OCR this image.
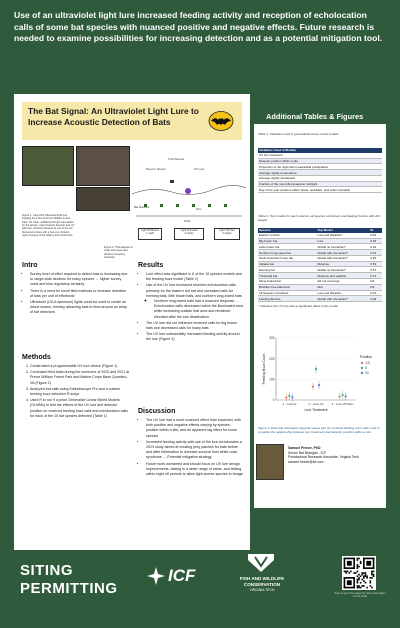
Use of an ultraviolet light lure increased feeding activity and reception of echolocation calls of some bat species with nuanced positive and negative effects. Future research is needed to examine possibilities for increasing detection and as a potential mitigation tool.
The Bat Signal: An Ultraviolet Light Lure to Increase Acoustic Detection of Bats
Figure 1. Clay-loft's Ultraviolet light lure hanging from box at Prince William Forest Park, VA. Note, additional IR light was added for the picture. (top) Acoustic detector and UV light lure. (bottom) Closeup of one of the UV fluorescent tubes with a bat vent. (bottom right) Closeup of the battery and control box.
Trail Camera
Reed or Stream	UV Lure
Bat Detector	10m
100m
Light Off Before
1 night
Light Activated
2 nights
Light Off After
2 nights
Figure 2. Trial diagram of study site layout and (bottom) sampling schedule.
Intro
• Survey level of effort required to detect bats is increasing due to range-wide declines for many species → higher survey costs and less regulatory certainty
• There is a need for novel field methods to increase detection of bats per unit of effort/cost
• Ultraviolet (UV-A spectrum) lights could be used to create an insect swarm, thereby attracting bats to feed around an array of bat detectors
Methods
1. Constructed a programmable UV lure device (Figure 1)
2. Conducted field trials during the summers of 2020 and 2021 at Prince William Forest Park and Marine Corps Base Quantico, VA (Figure 2)
3. Analyzed bat calls using Kaleidoscope Pro and a custom feeding buzz detection R script
4. Used R to run 9 a priori Generalize Linear Mixed Models (GLMMs) to test the effects of the UV lure and detector position on received feeding buzz calls and echolocation calls for each of the 10 bat species detected (Table 1)
Results
• Lure effect was significant in 6 of the 10 species models and the feeding buzz model (Table 2)
• Use of the UV lure increased received echolocation calls primarily for the eastern red bat and increased calls for evening bats, little brown bats, and northern long-eared bats
◦ Northern long-eared bats had a nuanced response → Echolocation calls decreased within the illuminated area while increasing outside that area and remained elevated after the lure deactivation
• The UV lure did not influence received calls for big brown bats and decreased calls for hoary bats
• The UV lure substantially increased feeding activity around the lure (Figure 3)
Discussion
• The UV lure had a more nuanced effect than expected, with both positive and negative effects varying by species, position within a site, and an apparent lag effect for some species
• Increased feeding activity with use of the lure corroborates a 2023 study aimed at creating prey patches for bats before and after hibernation to increase survival from white-nose syndrome → Potential mitigation strategy
• Future work warranted and should focus on UV lure design improvements, testing in a wider range of areas, and testing within night off periods to allow light-averse species to forage
Additional Tables & Figures
Table 1. Variables used in generalized linear mixed models.
Variables Used in Models
UV lure treatment
Detector position within a site
Proportion of the night with measurable precipitation
Average nightly temperature
Average nightly windspeed
Fraction of the moon illuminated at midnight
Day of the year (random effect; linear, quadratic, and cubic included)
Table 2. Top models for each species, all species combined, and feeding buzzes with AIC weight.
Species	Top Model	W
Eastern red bat	Lure and Weather*	0.62
Big brown bat	Lure	0.45
Little brown bat	Global no interaction*	0.94
Northern long-eared bat	Global with interaction*	0.91
North American hoary bat	Global with interaction*	0.65
Indiana bat	Distance	0.53
Evening bat	Global no interaction*	0.57
Tricolored bat	Distance and weather	0.72
Silver-haired bat	did not converge	NA
Brazilian free-tailed bat	Null	NA
All Species Combined	Lure and Weather	0.42
Feeding Buzzes	Global with interaction*	0.99
* Indicates the UV lure had a significant effect in the model
Figure 3. Example estimated marginal means plot for received feeding buzz calls used to visualize the relationship between lure treatment and detector position within a site.
0
100
200
300
1 - Control	2 - Lure On	3 - Lure Off After
Lure Treatment
Feeding Buzz Count	Position
-10
0
10
Samuel Freeze, PhD
Senior Bat Biologist - ICF
Postdoctoral Research Associate, Virginia Tech
samuel.freeze@icf.com
SITING
PERMITTING
ICF	FISH AND WILDLIFE
CONSERVATION
VIRGINIA TECH
Scan to go to the paper for more information on the study
